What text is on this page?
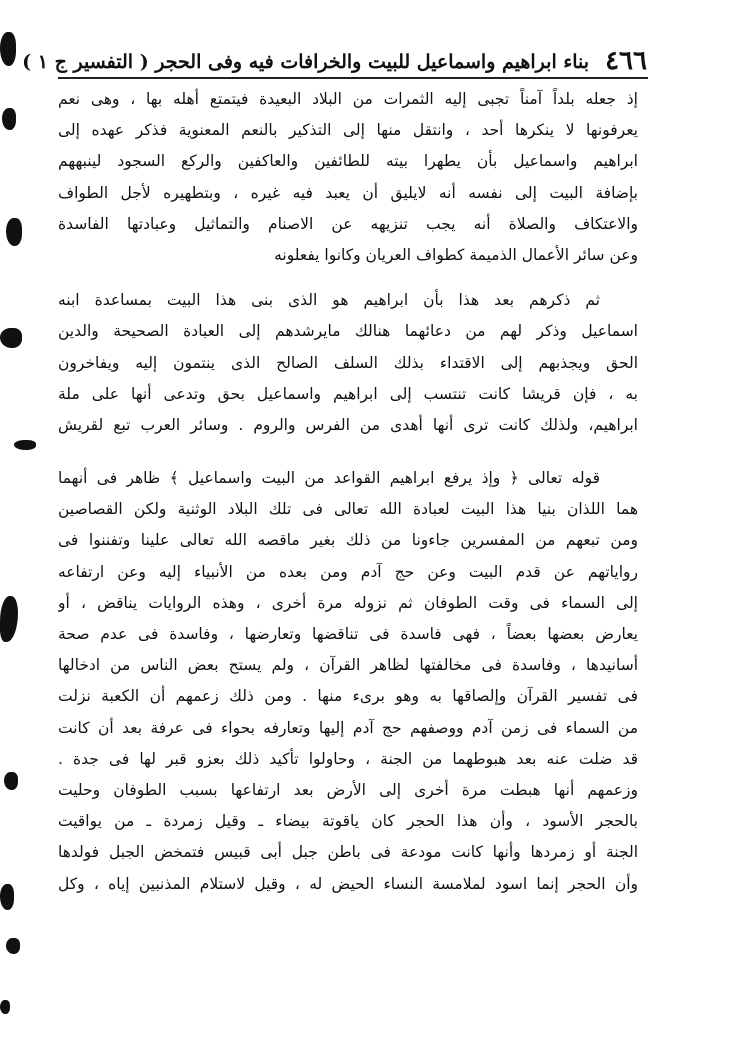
٤٦٦
بناء ابراهيم واسماعيل للبيت والخرافات فيه وفى الحجر ( التفسير ج ١ )
إذ جعله بلداً آمناً تجبى إليه الثمرات من البلاد البعيدة فيتمتع أهله بها ، وهى نعم
يعرفونها لا ينكرها أحد ، وانتقل منها إلى التذكير بالنعم المعنوية فذكر عهده إلى
ابراهيم واسماعيل بأن يطهرا بيته للطائفين والعاكفين والركع السجود لينبههم
بإضافة البيت إلى نفسه أنه لايليق أن يعبد فيه غيره ، وبتطهيره لأجل الطواف
والاعتكاف والصلاة أنه يجب تنزيهه عن الاصنام والتماثيل وعبادتها الفاسدة
وعن سائر الأعمال الذميمة كطواف العريان وكانوا يفعلونه
ثم ذكرهم بعد هذا بأن ابراهيم هو الذى بنى هذا البيت بمساعدة ابنه
اسماعيل وذكر لهم من دعائهما هنالك مايرشدهم إلى العبادة الصحيحة والدين
الحق ويجذبهم إلى الاقتداء بذلك السلف الصالح الذى ينتمون إليه ويفاخرون
به ، فإن قريشا كانت تنتسب إلى ابراهيم واسماعيل بحق وتدعى أنها على ملة
ابراهيم، ولذلك كانت ترى أنها أهدى من الفرس والروم . وسائر العرب تبع لقريش
قوله تعالى ﴿ وإذ يرفع ابراهيم القواعد من البيت واسماعيل ﴾ ظاهر فى أنهما
هما اللذان بنيا هذا البيت لعبادة الله تعالى فى تلك البلاد الوثنية ولكن القصاصين
ومن تبعهم من المفسرين جاءونا من ذلك بغير ماقصه الله تعالى علينا وتفننوا فى
رواياتهم عن قدم البيت وعن حج آدم ومن بعده من الأنبياء إليه وعن ارتفاعه
إلى السماء فى وقت الطوفان ثم نزوله مرة أخرى ، وهذه الروايات يناقض ، أو
يعارض بعضها بعضاً ، فهى فاسدة فى تناقضها وتعارضها ، وفاسدة فى عدم صحة
أسانيدها ، وفاسدة فى مخالفتها لظاهر القرآن ، ولم يستح بعض الناس من ادخالها
فى تفسير القرآن وإلصاقها به وهو برىء منها . ومن ذلك زعمهم أن الكعبة نزلت
من السماء فى زمن آدم ووصفهم حج آدم إليها وتعارفه بحواء فى عرفة بعد أن كانت
قد ضلت عنه بعد هبوطهما من الجنة ، وحاولوا تأكيد ذلك بعزو قبر لها فى جدة .
وزعمهم أنها هبطت مرة أخرى إلى الأرض بعد ارتفاعها بسبب الطوفان وحليت
بالحجر الأسود ، وأن هذا الحجر كان ياقوتة بيضاء ـ وقيل زمردة ـ من يواقيت
الجنة أو زمردها وأنها كانت مودعة فى باطن جبل أبى قبيس فتمخض الجبل فولدها
وأن الحجر إنما اسود لملامسة النساء الحيض له ، وقيل لاستلام المذنبين إياه ، وكل
